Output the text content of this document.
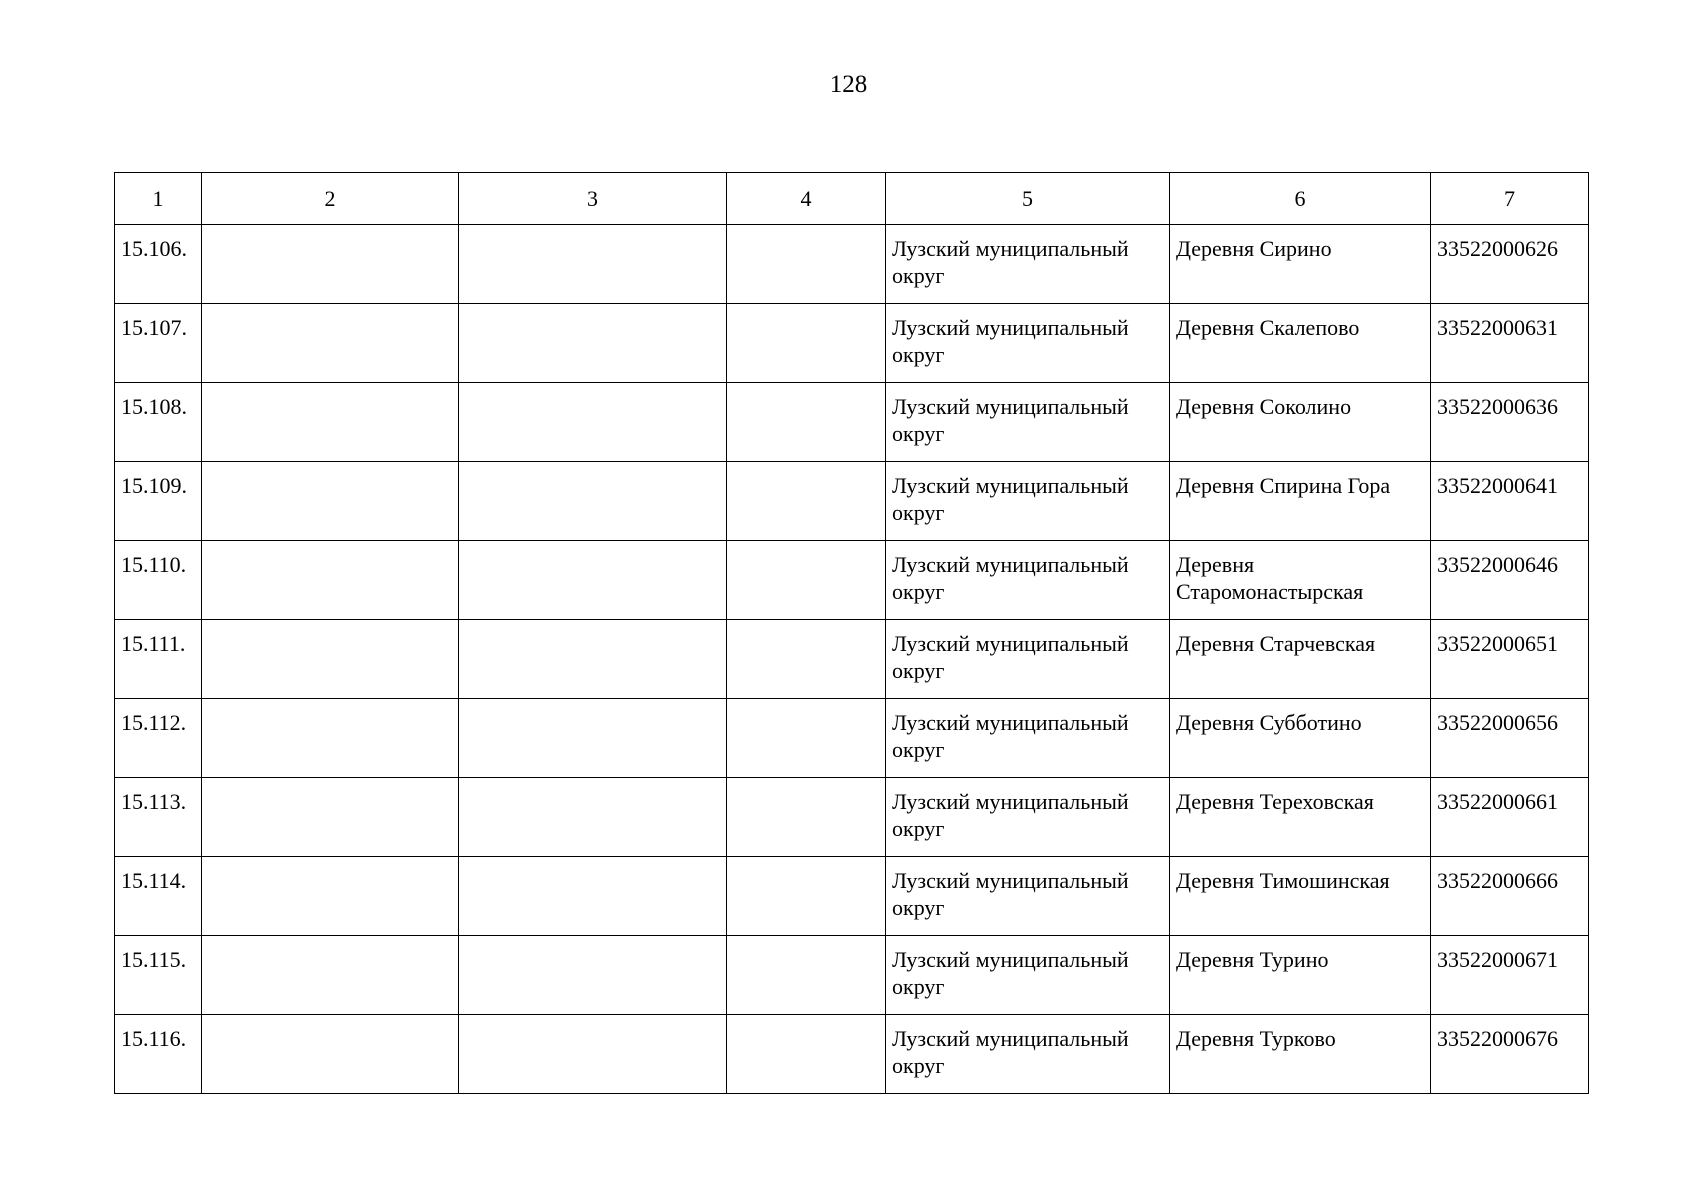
128
1	2	3	4	5	6	7

15.106.				Лузский муниципальный округ	Деревня Сирино	33522000626

15.107.				Лузский муниципальный округ	Деревня Скалепово	33522000631

15.108.				Лузский муниципальный округ	Деревня Соколино	33522000636

15.109.				Лузский муниципальный округ	Деревня Спирина Гора	33522000641

15.110.				Лузский муниципальный округ	Деревня Старомонастырская	33522000646

15.111.				Лузский муниципальный округ	Деревня Старчевская	33522000651

15.112.				Лузский муниципальный округ	Деревня Субботино	33522000656

15.113.				Лузский муниципальный округ	Деревня Тереховская	33522000661

15.114.				Лузский муниципальный округ	Деревня Тимошинская	33522000666

15.115.				Лузский муниципальный округ	Деревня Турино	33522000671

15.116.				Лузский муниципальный округ	Деревня Турково	33522000676
